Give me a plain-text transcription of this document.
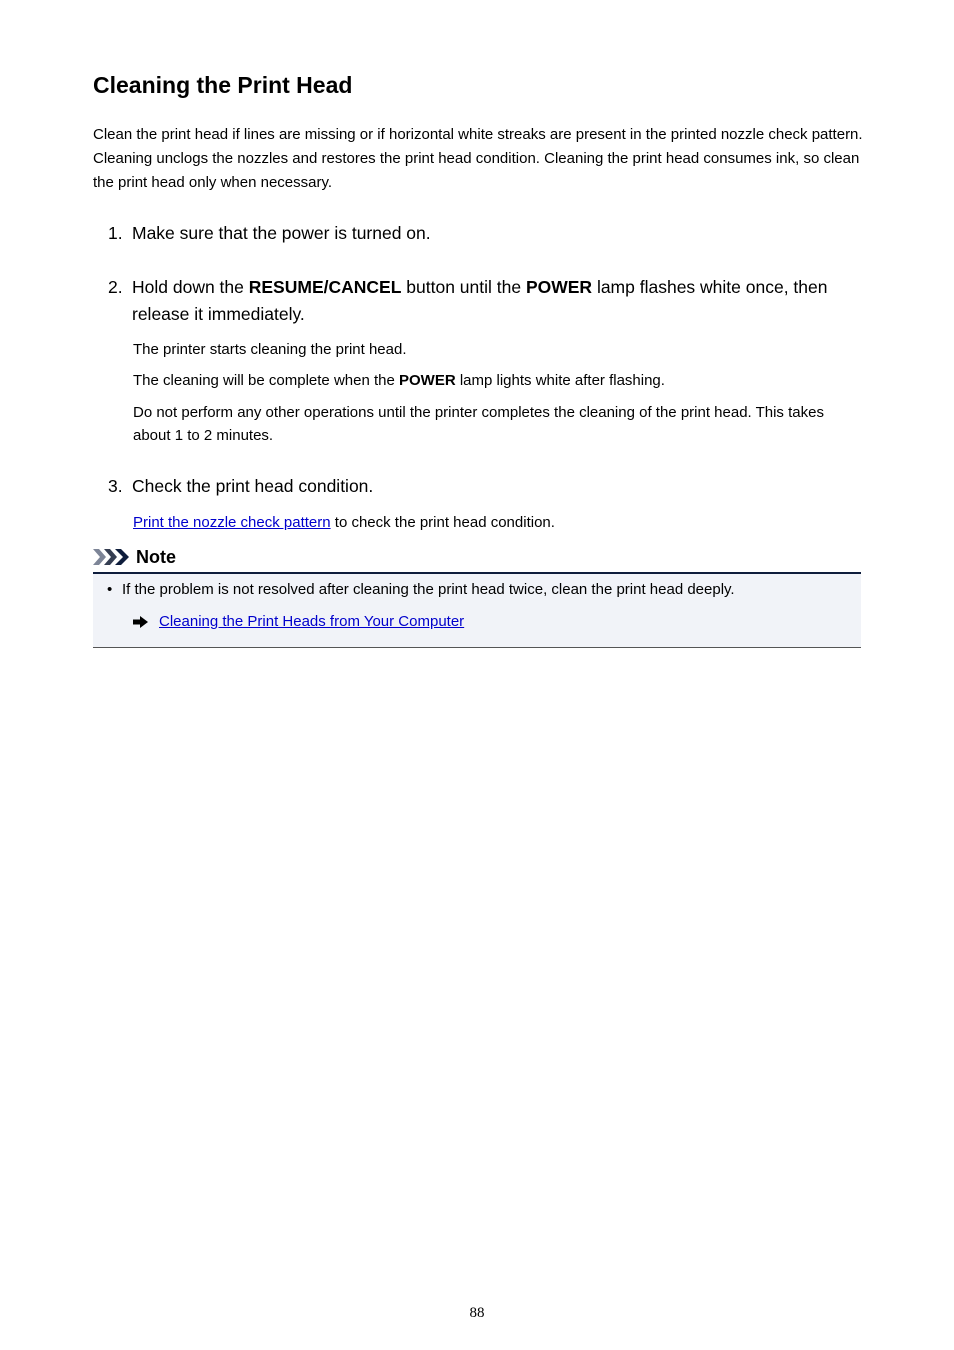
Cleaning the Print Head

Clean the print head if lines are missing or if horizontal white streaks are present in the printed nozzle check pattern. Cleaning unclogs the nozzles and restores the print head condition. Cleaning the print head consumes ink, so clean the print head only when necessary.

1. Make sure that the power is turned on.
2. Hold down the RESUME/CANCEL button until the POWER lamp flashes white once, then release it immediately.

The printer starts cleaning the print head.

The cleaning will be complete when the POWER lamp lights white after flashing.

Do not perform any other operations until the printer completes the cleaning of the print head. This takes about 1 to 2 minutes.

3. Check the print head condition.

Print the nozzle check pattern to check the print head condition.

Note
• If the problem is not resolved after cleaning the print head twice, clean the print head deeply.
Cleaning the Print Heads from Your Computer
88
